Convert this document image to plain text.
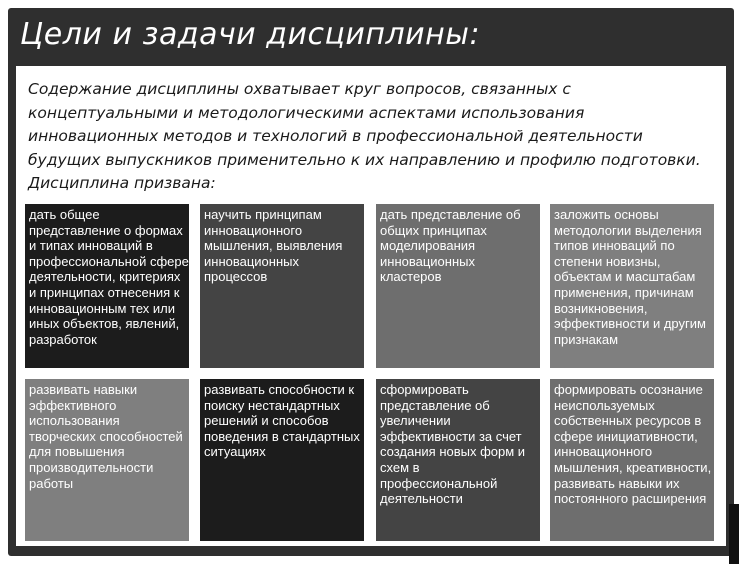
Цели и задачи дисциплины:
Содержание дисциплины охватывает круг вопросов, связанных с концептуальными и методологическими аспектами использования инновационных методов и технологий в профессиональной деятельности будущих выпускников применительно к их направлению и профилю подготовки. Дисциплина призвана:
дать общее представление о формах и типах инноваций в профессиональной сфере деятельности, критериях и принципах отнесения к инновационным тех или иных объектов, явлений, разработок
научить принципам инновационного мышления, выявления инновационных процессов
дать представление об общих принципах моделирования инновационных кластеров
заложить основы методологии выделения типов инноваций по степени новизны, объектам и масштабам применения, причинам возникновения, эффективности и другим признакам
развивать навыки эффективного использования творческих способностей для повышения производительности работы
развивать способности к поиску нестандартных решений и способов поведения в стандартных ситуациях
сформировать представление об увеличении эффективности за счет создания новых форм и схем в профессиональной деятельности
формировать осознание неиспользуемых собственных ресурсов в сфере инициативности, инновационного мышления, креативности, развивать навыки их постоянного расширения
